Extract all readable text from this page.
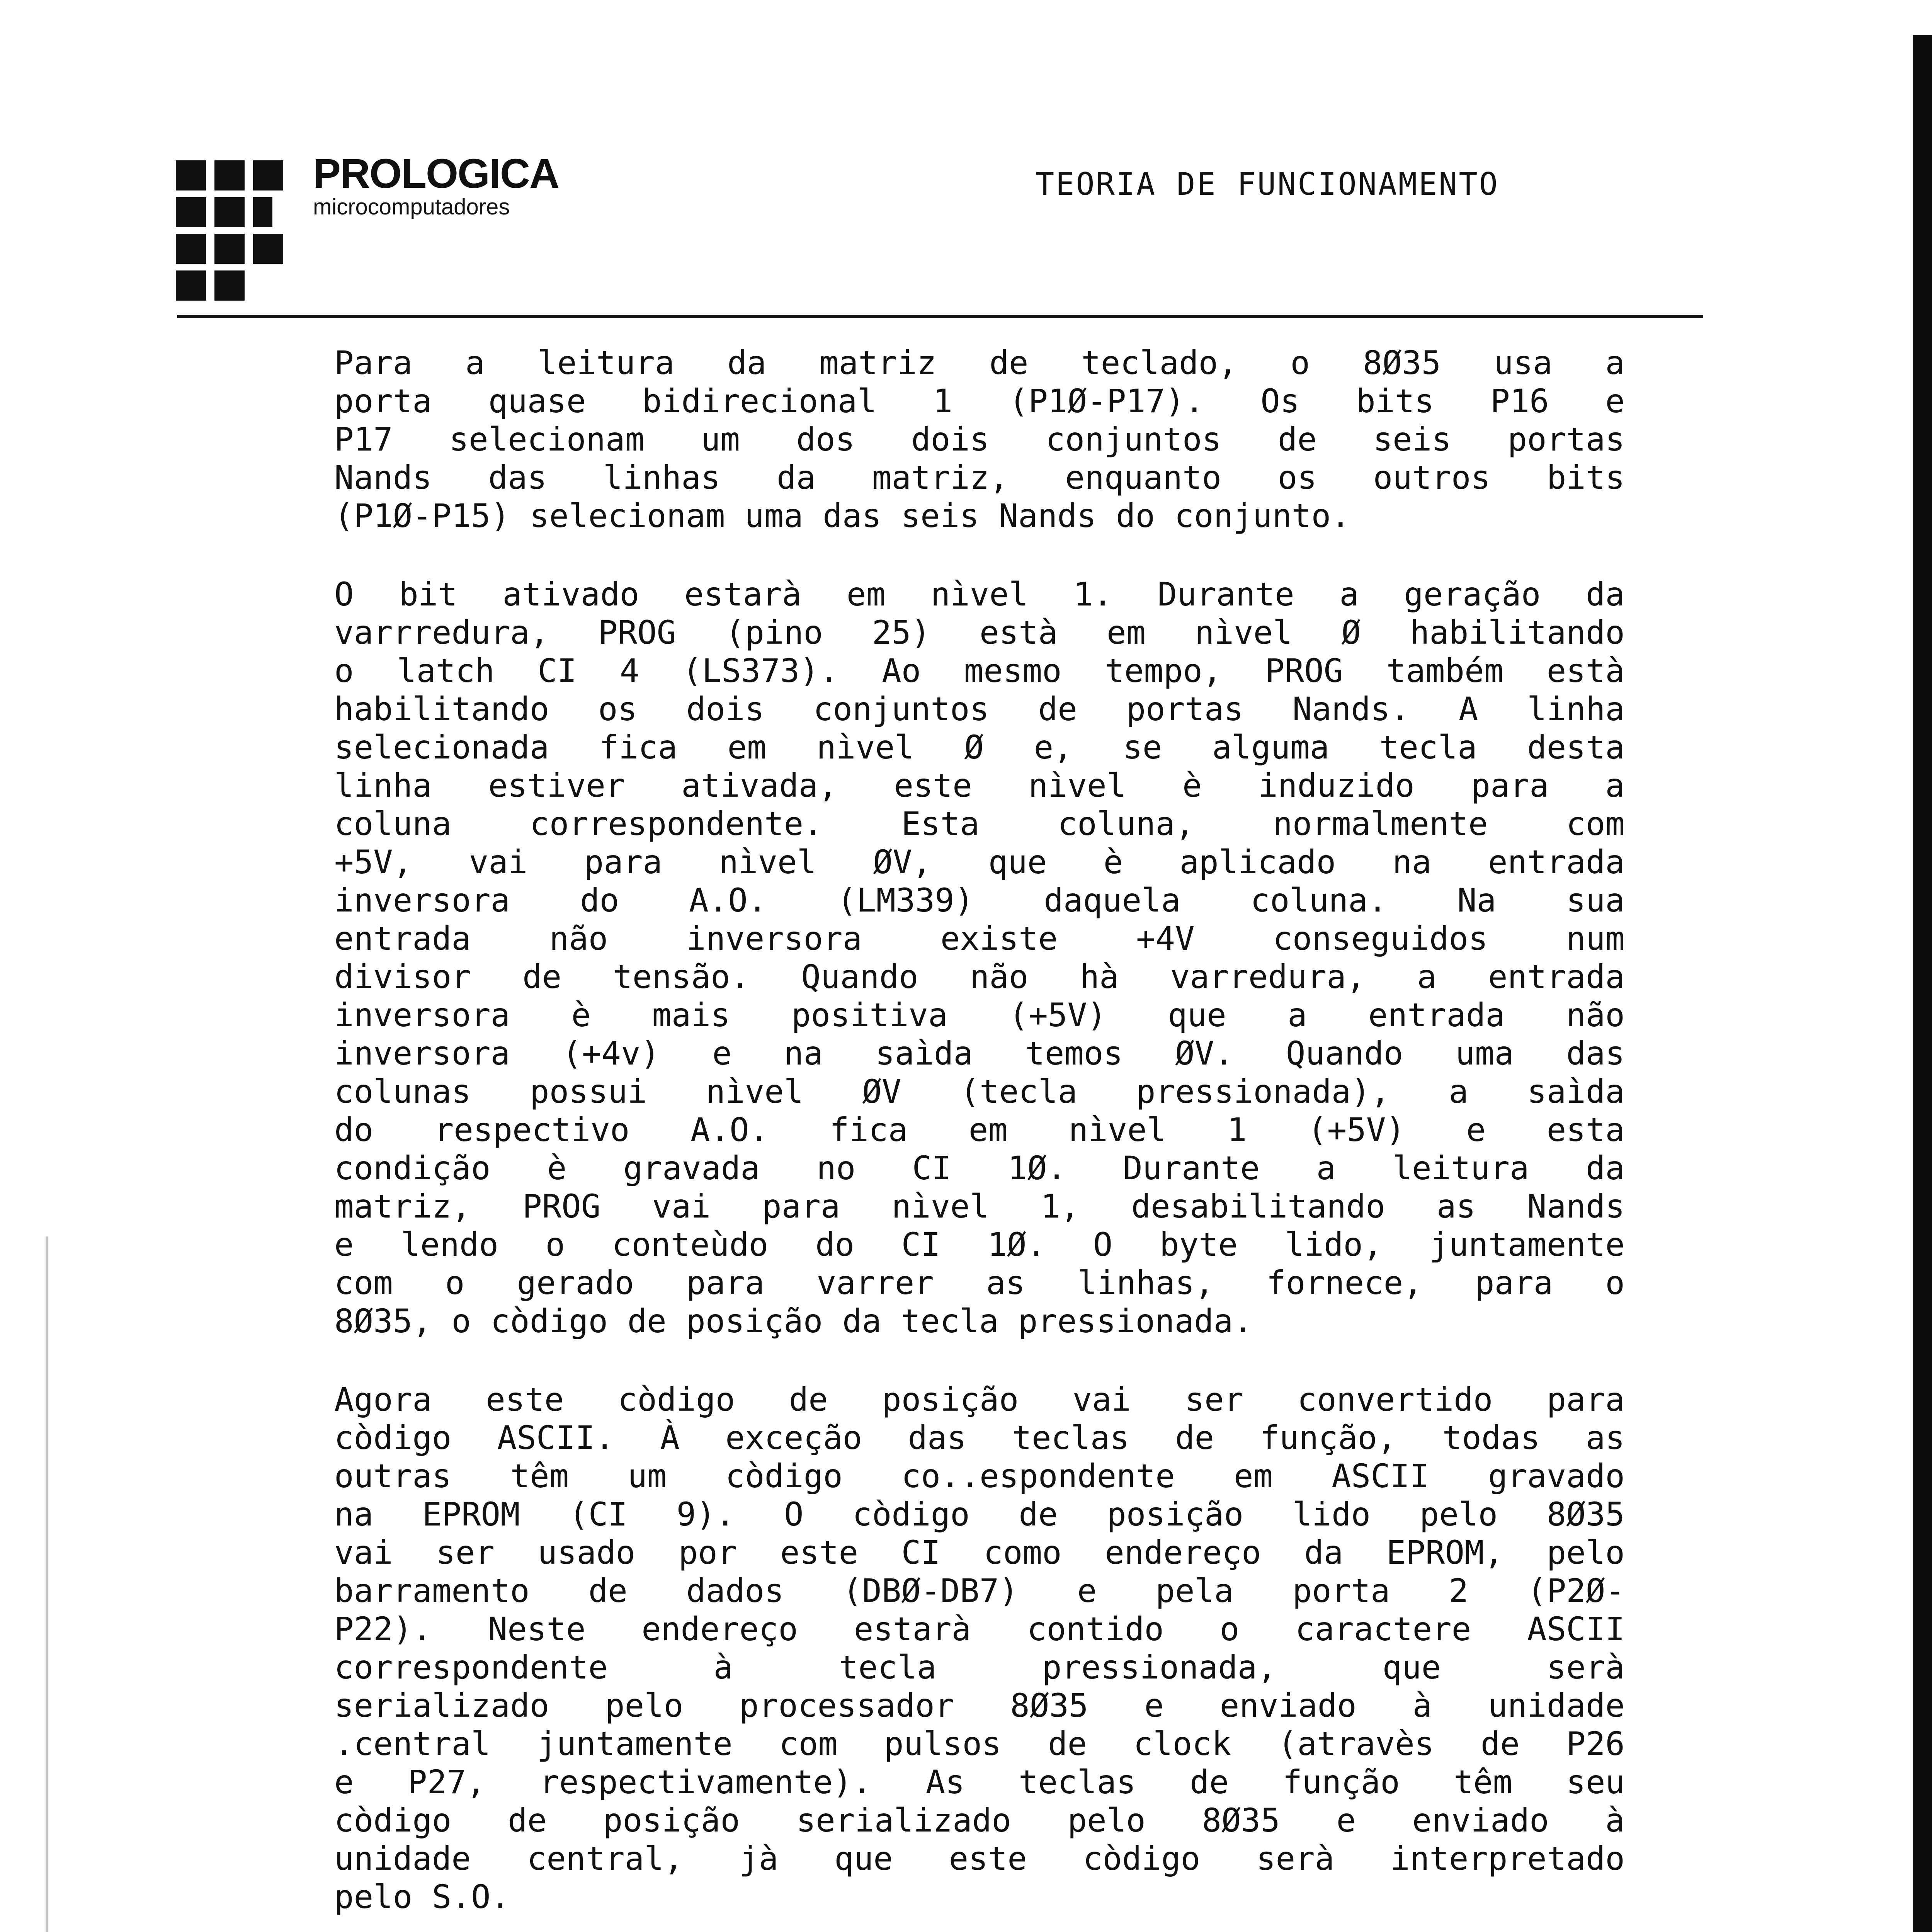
PROLOGICA
microcomputadores
TEORIA DE FUNCIONAMENTO
Para a leitura da matriz de teclado, o 8Ø35 usa a
porta quase bidirecional 1 (P1Ø-P17). Os bits P16 e
P17 selecionam um dos dois conjuntos de seis portas
Nands das linhas da matriz, enquanto os outros bits
(P1Ø-P15) selecionam uma das seis Nands do conjunto.
O bit ativado estarà em nìvel 1. Durante a geração da
varrredura, PROG (pino 25) està em nìvel Ø habilitando
o latch CI 4 (LS373). Ao mesmo tempo, PROG também està
habilitando os dois conjuntos de portas Nands. A linha
selecionada fica em nìvel Ø e, se alguma tecla desta
linha estiver ativada, este nìvel è induzido para a
coluna correspondente. Esta coluna, normalmente com
+5V, vai para nìvel ØV, que è aplicado na entrada
inversora do A.O. (LM339) daquela coluna. Na sua
entrada não inversora existe +4V conseguidos num
divisor de tensão. Quando não hà varredura, a entrada
inversora è mais positiva (+5V) que a entrada não
inversora (+4v) e na saìda temos ØV. Quando uma das
colunas possui nìvel ØV (tecla pressionada), a saìda
do respectivo A.O. fica em nìvel 1 (+5V) e esta
condição è gravada no CI 1Ø. Durante a leitura da
matriz, PROG vai para nìvel 1, desabilitando as Nands
e lendo o conteùdo do CI 1Ø. O byte lido, juntamente
com o gerado para varrer as linhas, fornece, para o
8Ø35, o còdigo de posição da tecla pressionada.
Agora este còdigo de posição vai ser convertido para
còdigo ASCII. À exceção das teclas de função, todas as
outras têm um còdigo co..espondente em ASCII gravado
na EPROM (CI 9). O còdigo de posição lido pelo 8Ø35
vai ser usado por este CI como endereço da EPROM, pelo
barramento de dados (DBØ-DB7) e pela porta 2 (P2Ø-
P22). Neste endereço estarà contido o caractere ASCII
correspondente à tecla pressionada, que serà
serializado pelo processador 8Ø35 e enviado à unidade
.central juntamente com pulsos de clock (atravès de P26
e P27, respectivamente). As teclas de função têm seu
còdigo de posição serializado pelo 8Ø35 e enviado à
unidade central, jà que este còdigo serà interpretado
pelo S.O.
